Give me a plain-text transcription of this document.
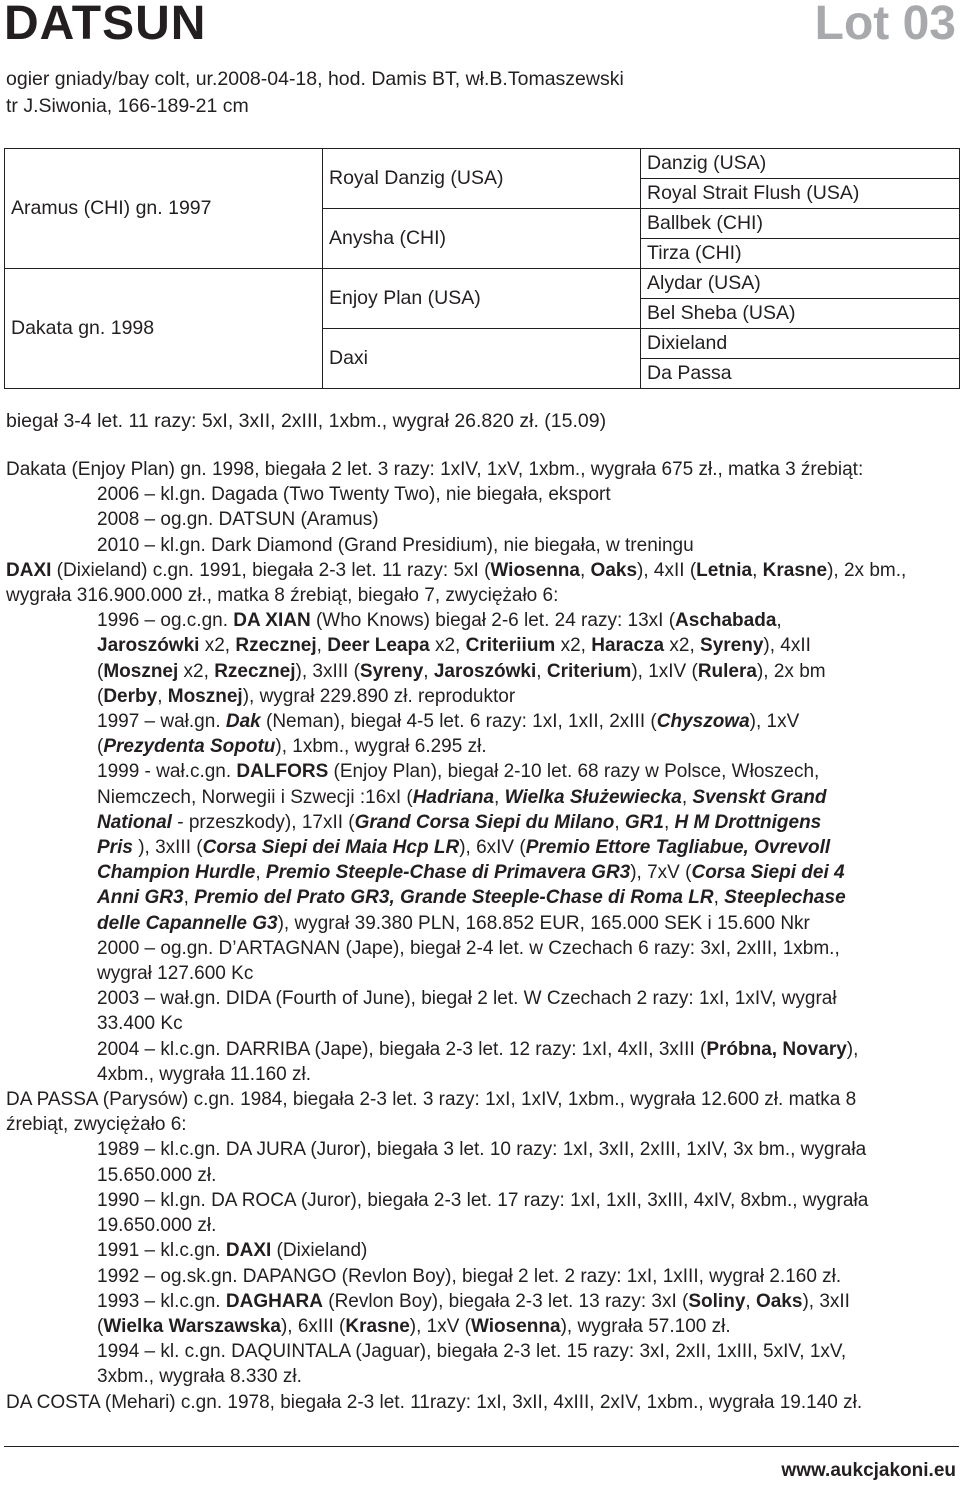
DATSUN	Lot 03
ogier gniady/bay colt, ur.2008-04-18, hod. Damis BT, wł.B.Tomaszewski
tr J.Siwonia, 166-189-21 cm
Aramus (CHI) gn. 1997	Royal Danzig (USA)	Danzig (USA)
		Royal Strait Flush (USA)
	Anysha (CHI)	Ballbek (CHI)
		Tirza (CHI)
Dakata gn. 1998	Enjoy Plan (USA)	Alydar (USA)
		Bel Sheba (USA)
	Daxi	Dixieland
		Da Passa
biegał 3-4 let. 11 razy: 5xI, 3xII, 2xIII, 1xbm., wygrał 26.820 zł. (15.09)

Dakata (Enjoy Plan) gn. 1998, biegała 2 let. 3 razy: 1xIV, 1xV, 1xbm., wygrała 675 zł., matka 3 źrebiąt:

2006 – kl.gn. Dagada (Two Twenty Two), nie biegała, eksport

2008 – og.gn. DATSUN (Aramus)

2010 – kl.gn. Dark Diamond (Grand Presidium), nie biegała, w treningu

DAXI (Dixieland) c.gn. 1991, biegała 2-3 let. 11 razy: 5xI (Wiosenna, Oaks), 4xII (Letnia, Krasne), 2x bm., wygrała 316.900.000 zł., matka 8 źrebiąt, biegało 7, zwyciężało 6:

1996 – og.c.gn. DA XIAN (Who Knows) biegał 2-6 let. 24 razy: 13xI (Aschabada,
Jaroszówki x2, Rzecznej, Deer Leapa x2, Criteriium x2, Haracza x2, Syreny), 4xII
(Mosznej x2, Rzecznej), 3xIII (Syreny, Jaroszówki, Criterium), 1xIV (Rulera), 2x bm
(Derby, Mosznej), wygrał 229.890 zł. reproduktor
1997 – wał.gn. Dak (Neman), biegał 4-5 let. 6 razy: 1xI, 1xII, 2xIII (Chyszowa), 1xV
(Prezydenta Sopotu), 1xbm., wygrał 6.295 zł.
1999 - wał.c.gn. DALFORS (Enjoy Plan), biegał 2-10 let. 68 razy w Polsce, Włoszech,
Niemczech, Norwegii i Szwecji :16xI (Hadriana, Wielka Służewiecka, Svenskt Grand
National - przeszkody), 17xII (Grand Corsa Siepi du Milano, GR1, H M Drottnigens
Pris ), 3xIII (Corsa Siepi dei Maia Hcp LR), 6xIV (Premio Ettore Tagliabue, Ovrevoll
Champion Hurdle, Premio Steeple-Chase di Primavera GR3), 7xV (Corsa Siepi dei 4
Anni GR3, Premio del Prato GR3, Grande Steeple-Chase di Roma LR, Steeplechase
delle Capannelle G3), wygrał 39.380 PLN, 168.852 EUR, 165.000 SEK i 15.600 Nkr
2000 – og.gn. D’ARTAGNAN (Jape), biegał 2-4 let. w Czechach 6 razy: 3xI, 2xIII, 1xbm.,
wygrał 127.600 Kc
2003 – wał.gn. DIDA (Fourth of June), biegał 2 let. W Czechach 2 razy: 1xI, 1xIV, wygrał
33.400 Kc
2004 – kl.c.gn. DARRIBA (Jape), biegała 2-3 let. 12 razy: 1xI, 4xII, 3xIII (Próbna, Novary),
4xbm., wygrała 11.160 zł.

DA PASSA (Parysów) c.gn. 1984, biegała 2-3 let. 3 razy: 1xI, 1xIV, 1xbm., wygrała 12.600 zł. matka 8
źrebiąt, zwyciężało 6:

1989 – kl.c.gn. DA JURA (Juror), biegała 3 let. 10 razy: 1xI, 3xII, 2xIII, 1xIV, 3x bm., wygrała
15.650.000 zł.
1990 – kl.gn. DA ROCA (Juror), biegała 2-3 let. 17 razy: 1xI, 1xII, 3xIII, 4xIV, 8xbm., wygrała
19.650.000 zł.
1991 – kl.c.gn. DAXI (Dixieland)
1992 – og.sk.gn. DAPANGO (Revlon Boy), biegał 2 let. 2 razy: 1xI, 1xIII, wygrał 2.160 zł.
1993 – kl.c.gn. DAGHARA (Revlon Boy), biegała 2-3 let. 13 razy: 3xI (Soliny, Oaks), 3xII
(Wielka Warszawska), 6xIII (Krasne), 1xV (Wiosenna), wygrała 57.100 zł.
1994 – kl. c.gn. DAQUINTALA (Jaguar), biegała 2-3 let. 15 razy: 3xI, 2xII, 1xIII, 5xIV, 1xV,
3xbm., wygrała 8.330 zł.

DA COSTA (Mehari) c.gn. 1978, biegała 2-3 let. 11razy: 1xI, 3xII, 4xIII, 2xIV, 1xbm., wygrała 19.140 zł.

www.aukcjakoni.eu
